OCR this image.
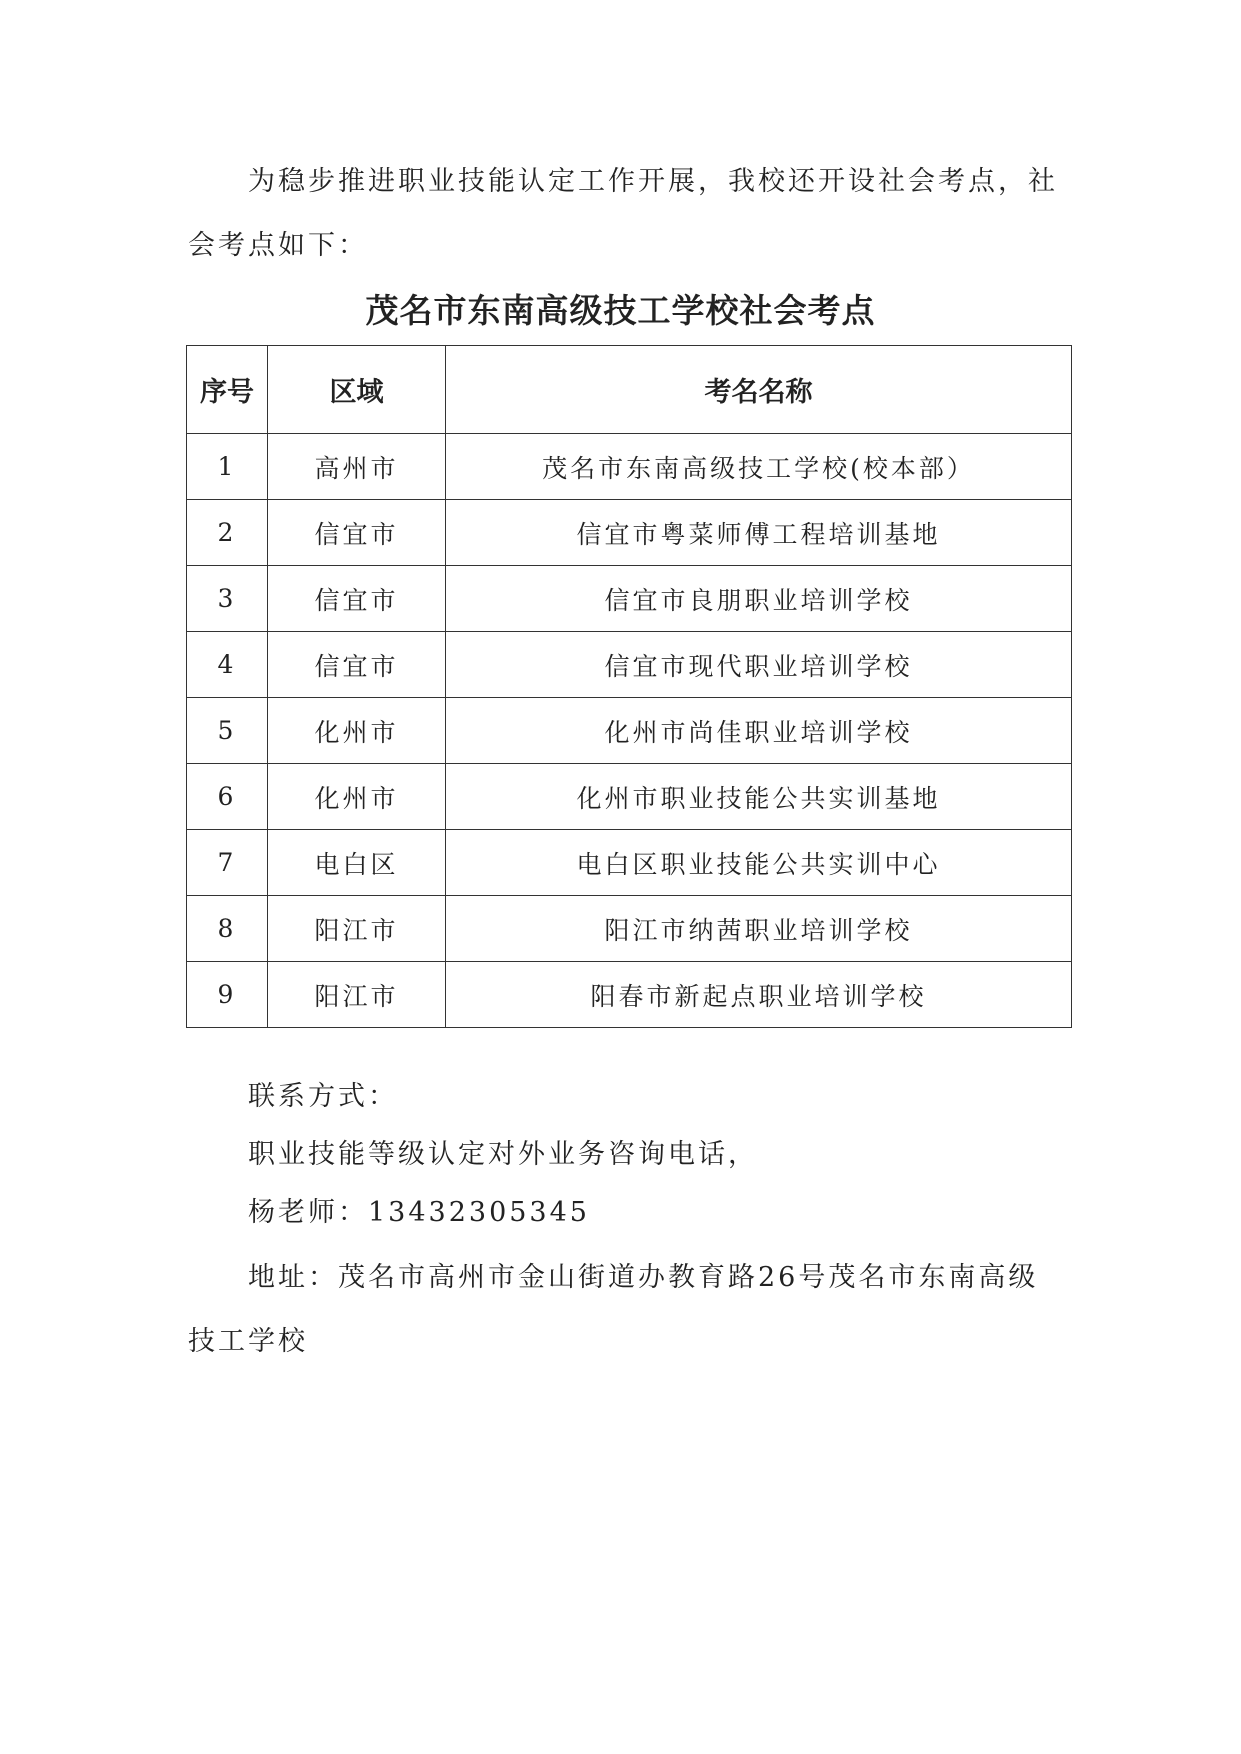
为稳步推进职业技能认定工作开展，我校还开设社会考点，社会考点如下：

茂名市东南高级技工学校社会考点
序号	区域	考名名称
1	高州市	茂名市东南高级技工学校(校本部）
2	信宜市	信宜市粤菜师傅工程培训基地
3	信宜市	信宜市良朋职业培训学校
4	信宜市	信宜市现代职业培训学校
5	化州市	化州市尚佳职业培训学校
6	化州市	化州市职业技能公共实训基地
7	电白区	电白区职业技能公共实训中心
8	阳江市	阳江市纳茜职业培训学校
9	阳江市	阳春市新起点职业培训学校
联系方式：
职业技能等级认定对外业务咨询电话，
杨老师：13432305345
地址：茂名市高州市金山街道办教育路26号茂名市东南高级技工学校
